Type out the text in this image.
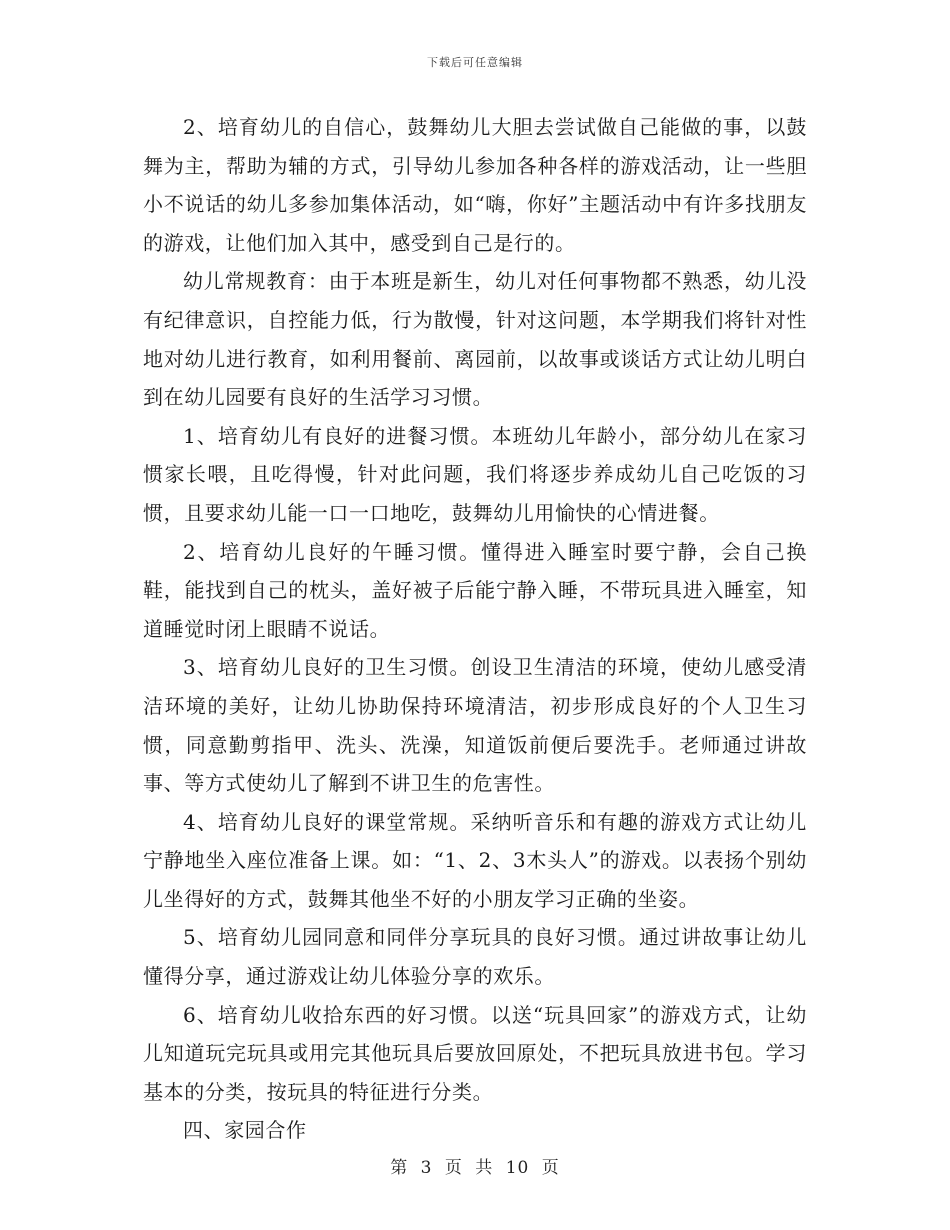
下载后可任意编辑

2、培育幼儿的自信心，鼓舞幼儿大胆去尝试做自己能做的事，以鼓舞为主，帮助为辅的方式，引导幼儿参加各种各样的游戏活动，让一些胆小不说话的幼儿多参加集体活动，如“嗨，你好”主题活动中有许多找朋友的游戏，让他们加入其中，感受到自己是行的。

幼儿常规教育：由于本班是新生，幼儿对任何事物都不熟悉，幼儿没有纪律意识，自控能力低，行为散慢，针对这问题，本学期我们将针对性地对幼儿进行教育，如利用餐前、离园前，以故事或谈话方式让幼儿明白到在幼儿园要有良好的生活学习习惯。

1、培育幼儿有良好的进餐习惯。本班幼儿年龄小，部分幼儿在家习惯家长喂，且吃得慢，针对此问题，我们将逐步养成幼儿自己吃饭的习惯，且要求幼儿能一口一口地吃，鼓舞幼儿用愉快的心情进餐。

2、培育幼儿良好的午睡习惯。懂得进入睡室时要宁静，会自己换鞋，能找到自己的枕头，盖好被子后能宁静入睡，不带玩具进入睡室，知道睡觉时闭上眼睛不说话。

3、培育幼儿良好的卫生习惯。创设卫生清洁的环境，使幼儿感受清洁环境的美好，让幼儿协助保持环境清洁，初步形成良好的个人卫生习惯，同意勤剪指甲、洗头、洗澡，知道饭前便后要洗手。老师通过讲故事、等方式使幼儿了解到不讲卫生的危害性。

4、培育幼儿良好的课堂常规。采纳听音乐和有趣的游戏方式让幼儿宁静地坐入座位准备上课。如：“1、2、3木头人”的游戏。以表扬个别幼儿坐得好的方式，鼓舞其他坐不好的小朋友学习正确的坐姿。

5、培育幼儿园同意和同伴分享玩具的良好习惯。通过讲故事让幼儿懂得分享，通过游戏让幼儿体验分享的欢乐。

6、培育幼儿收拾东西的好习惯。以送“玩具回家”的游戏方式，让幼儿知道玩完玩具或用完其他玩具后要放回原处，不把玩具放进书包。学习基本的分类，按玩具的特征进行分类。

四、家园合作

第 3 页 共 10 页
